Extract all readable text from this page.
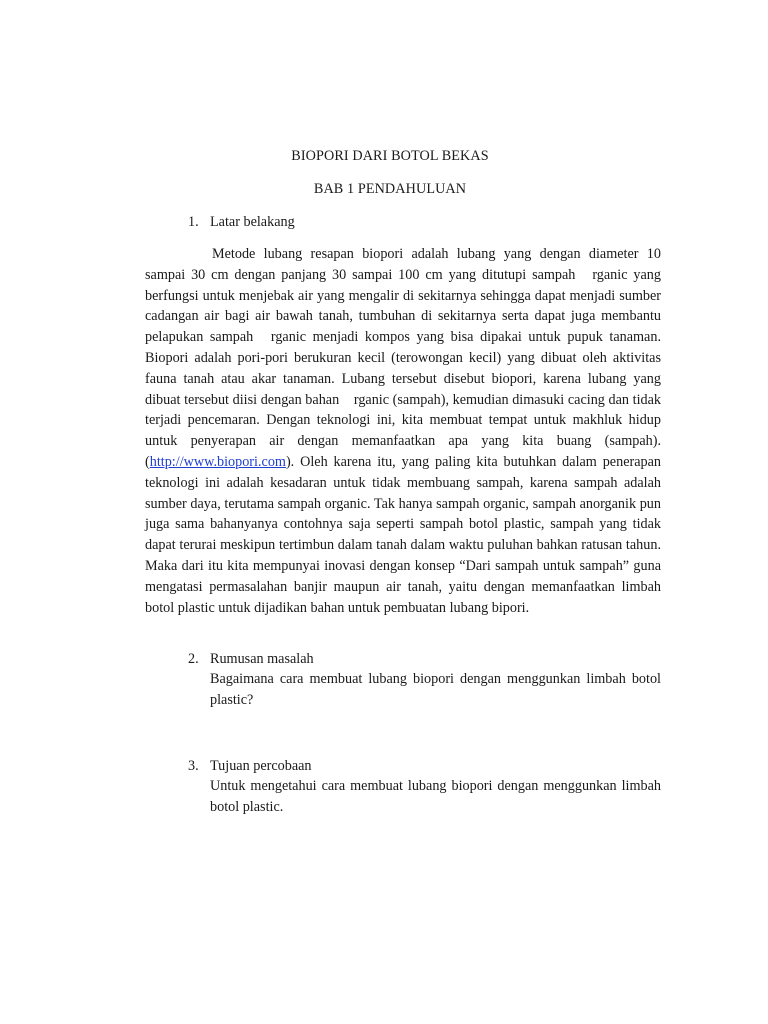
BIOPORI DARI BOTOL BEKAS
BAB 1 PENDAHULUAN
1. Latar belakang

Metode lubang resapan biopori adalah lubang yang dengan diameter 10 sampai 30 cm dengan panjang 30 sampai 100 cm yang ditutupi sampah  rganic yang berfungsi untuk menjebak air yang mengalir di sekitarnya sehingga dapat menjadi sumber cadangan air bagi air bawah tanah, tumbuhan di sekitarnya serta dapat juga membantu pelapukan sampah  rganic menjadi kompos yang bisa dipakai untuk pupuk tanaman. Biopori adalah pori-pori berukuran kecil (terowongan kecil) yang dibuat oleh aktivitas fauna tanah atau akar tanaman. Lubang tersebut disebut biopori, karena lubang yang dibuat tersebut diisi dengan bahan  rganic (sampah), kemudian dimasuki cacing dan tidak terjadi pencemaran. Dengan teknologi ini, kita membuat tempat untuk makhluk hidup untuk penyerapan air dengan memanfaatkan apa yang kita buang (sampah). (http://www.biopori.com). Oleh karena itu, yang paling kita butuhkan dalam penerapan teknologi ini adalah kesadaran untuk tidak membuang sampah, karena sampah adalah sumber daya, terutama sampah organic. Tak hanya sampah organic, sampah anorganik pun juga sama bahanyanya contohnya saja seperti sampah botol plastic, sampah yang tidak dapat terurai meskipun tertimbun dalam tanah dalam waktu puluhan bahkan ratusan tahun. Maka dari itu kita mempunyai inovasi dengan konsep “Dari sampah untuk sampah” guna mengatasi permasalahan banjir maupun air tanah, yaitu dengan memanfaatkan limbah botol plastic untuk dijadikan bahan untuk pembuatan lubang bipori.

2. Rumusan masalah

Bagaimana cara membuat lubang biopori dengan menggunkan limbah botol plastic?

3. Tujuan percobaan

Untuk mengetahui cara membuat lubang biopori dengan menggunkan limbah botol plastic.
